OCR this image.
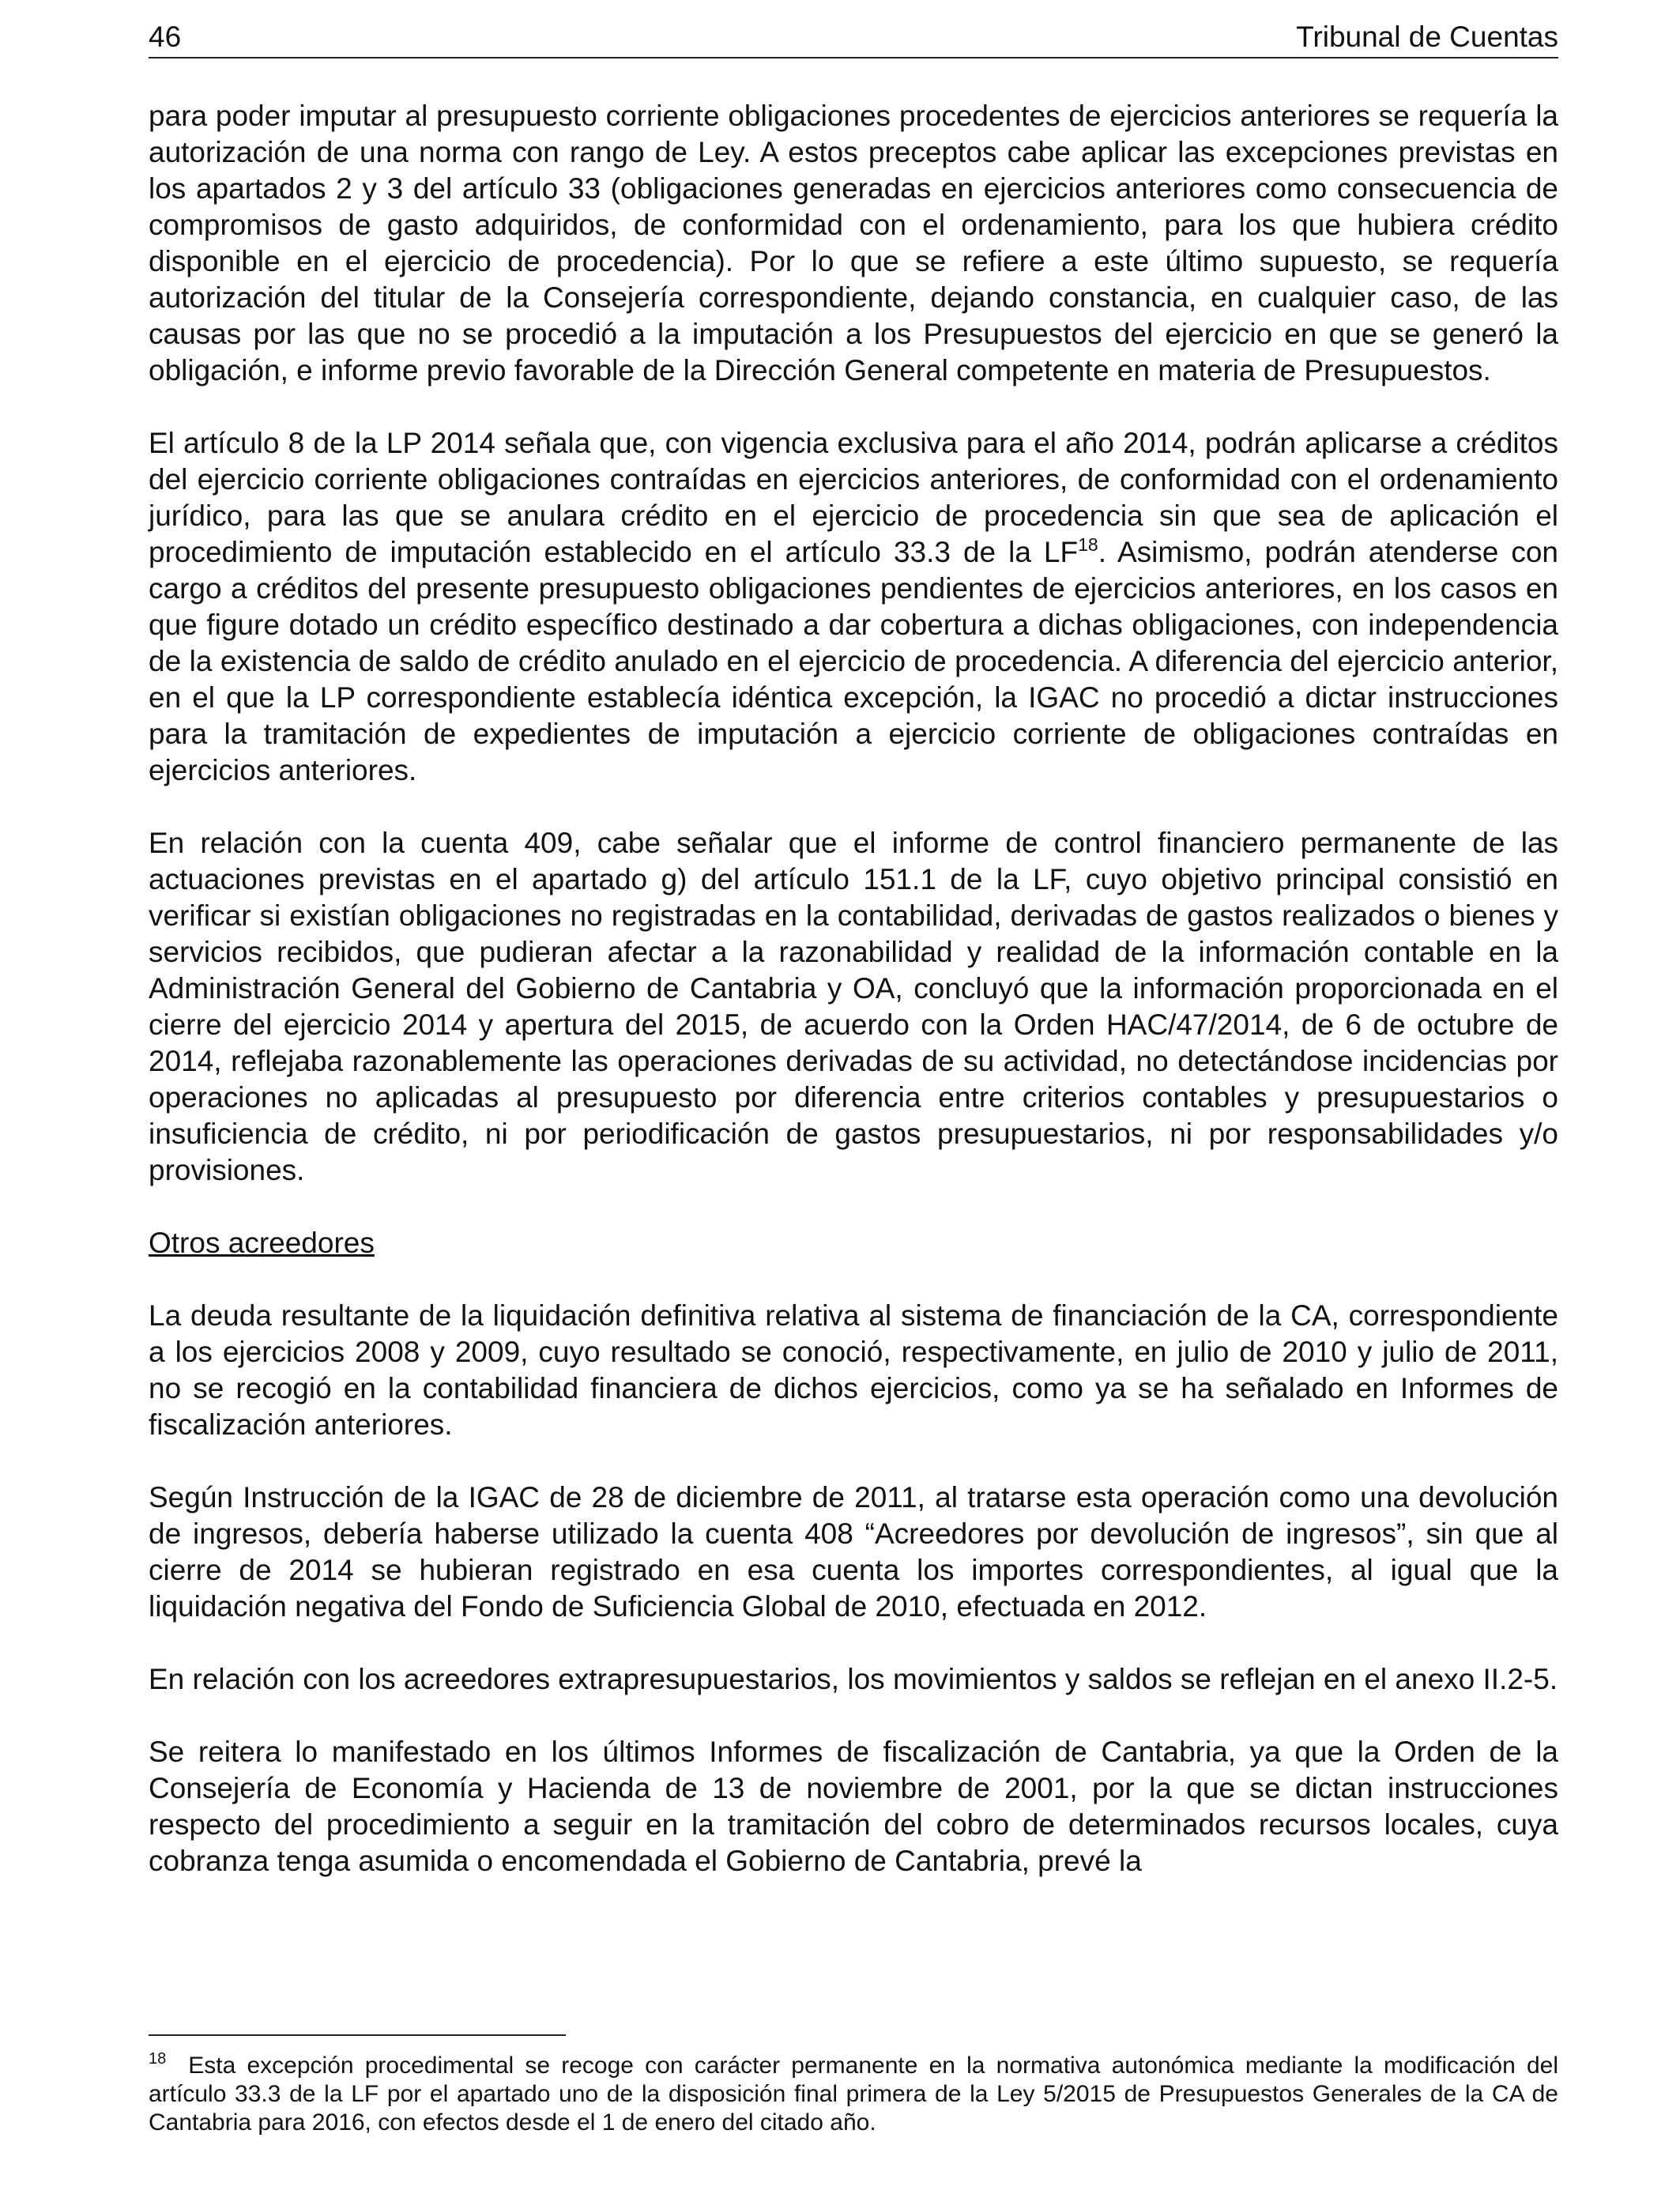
46	Tribunal de Cuentas

para poder imputar al presupuesto corriente obligaciones procedentes de ejercicios anteriores se requería la autorización de una norma con rango de Ley. A estos preceptos cabe aplicar las excepciones previstas en los apartados 2 y 3 del artículo 33 (obligaciones generadas en ejercicios anteriores como consecuencia de compromisos de gasto adquiridos, de conformidad con el ordenamiento, para los que hubiera crédito disponible en el ejercicio de procedencia). Por lo que se refiere a este último supuesto, se requería autorización del titular de la Consejería correspondiente, dejando constancia, en cualquier caso, de las causas por las que no se procedió a la imputación a los Presupuestos del ejercicio en que se generó la obligación, e informe previo favorable de la Dirección General competente en materia de Presupuestos.

El artículo 8 de la LP 2014 señala que, con vigencia exclusiva para el año 2014, podrán aplicarse a créditos del ejercicio corriente obligaciones contraídas en ejercicios anteriores, de conformidad con el ordenamiento jurídico, para las que se anulara crédito en el ejercicio de procedencia sin que sea de aplicación el procedimiento de imputación establecido en el artículo 33.3 de la LF$^{18}$. Asimismo, podrán atenderse con cargo a créditos del presente presupuesto obligaciones pendientes de ejercicios anteriores, en los casos en que figure dotado un crédito específico destinado a dar cobertura a dichas obligaciones, con independencia de la existencia de saldo de crédito anulado en el ejercicio de procedencia. A diferencia del ejercicio anterior, en el que la LP correspondiente establecía idéntica excepción, la IGAC no procedió a dictar instrucciones para la tramitación de expedientes de imputación a ejercicio corriente de obligaciones contraídas en ejercicios anteriores.

En relación con la cuenta 409, cabe señalar que el informe de control financiero permanente de las actuaciones previstas en el apartado g) del artículo 151.1 de la LF, cuyo objetivo principal consistió en verificar si existían obligaciones no registradas en la contabilidad, derivadas de gastos realizados o bienes y servicios recibidos, que pudieran afectar a la razonabilidad y realidad de la información contable en la Administración General del Gobierno de Cantabria y OA, concluyó que la información proporcionada en el cierre del ejercicio 2014 y apertura del 2015, de acuerdo con la Orden HAC/47/2014, de 6 de octubre de 2014, reflejaba razonablemente las operaciones derivadas de su actividad, no detectándose incidencias por operaciones no aplicadas al presupuesto por diferencia entre criterios contables y presupuestarios o insuficiencia de crédito, ni por periodificación de gastos presupuestarios, ni por responsabilidades y/o provisiones.

Otros acreedores

La deuda resultante de la liquidación definitiva relativa al sistema de financiación de la CA, correspondiente a los ejercicios 2008 y 2009, cuyo resultado se conoció, respectivamente, en julio de 2010 y julio de 2011, no se recogió en la contabilidad financiera de dichos ejercicios, como ya se ha señalado en Informes de fiscalización anteriores.

Según Instrucción de la IGAC de 28 de diciembre de 2011, al tratarse esta operación como una devolución de ingresos, debería haberse utilizado la cuenta 408 “Acreedores por devolución de ingresos”, sin que al cierre de 2014 se hubieran registrado en esa cuenta los importes correspondientes, al igual que la liquidación negativa del Fondo de Suficiencia Global de 2010, efectuada en 2012.

En relación con los acreedores extrapresupuestarios, los movimientos y saldos se reflejan en el anexo II.2-5.

Se reitera lo manifestado en los últimos Informes de fiscalización de Cantabria, ya que la Orden de la Consejería de Economía y Hacienda de 13 de noviembre de 2001, por la que se dictan instrucciones respecto del procedimiento a seguir en la tramitación del cobro de determinados recursos locales, cuya cobranza tenga asumida o encomendada el Gobierno de Cantabria, prevé la

$^{18}$ Esta excepción procedimental se recoge con carácter permanente en la normativa autonómica mediante la modificación del artículo 33.3 de la LF por el apartado uno de la disposición final primera de la Ley 5/2015 de Presupuestos Generales de la CA de Cantabria para 2016, con efectos desde el 1 de enero del citado año.
